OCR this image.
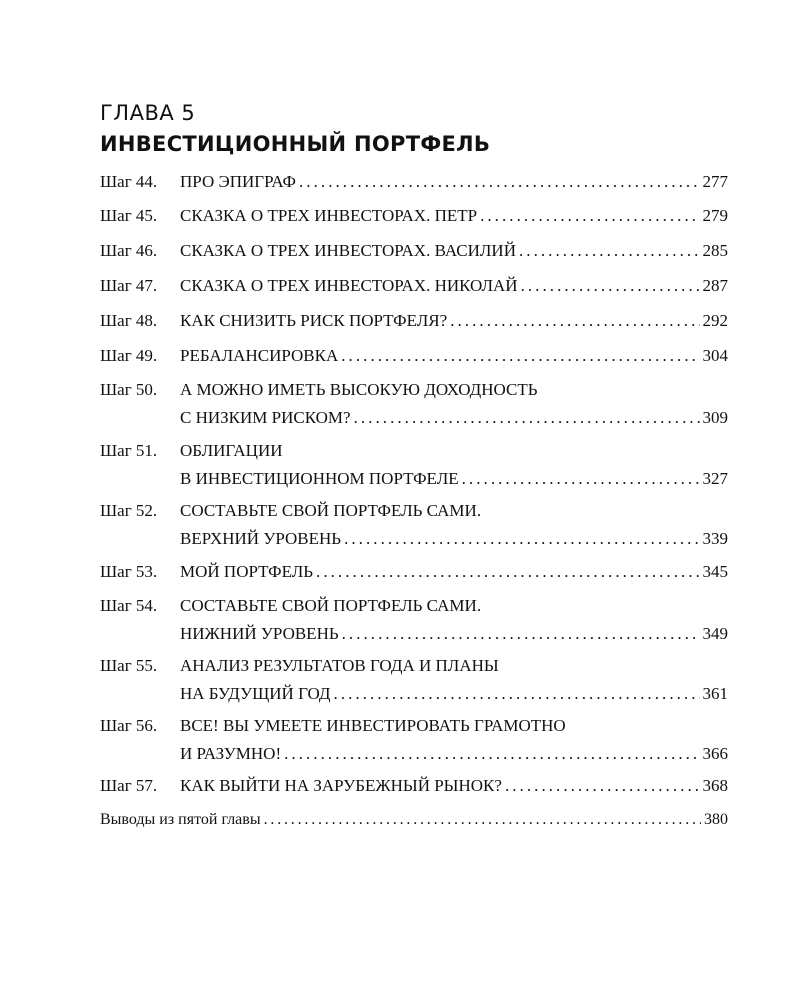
ГЛАВА 5
ИНВЕСТИЦИОННЫЙ ПОРТФЕЛЬ
Шаг 44. ПРО ЭПИГРАФ . . .	277
Шаг 45. СКАЗКА О ТРЕХ ИНВЕСТОРАХ. ПЕТР . . .	279
Шаг 46. СКАЗКА О ТРЕХ ИНВЕСТОРАХ. ВАСИЛИЙ . . .	285
Шаг 47. СКАЗКА О ТРЕХ ИНВЕСТОРАХ. НИКОЛАЙ . . .	287
Шаг 48. КАК СНИЗИТЬ РИСК ПОРТФЕЛЯ? . . .	292
Шаг 49. РЕБАЛАНСИРОВКА . . .	304
Шаг 50. А МОЖНО ИМЕТЬ ВЫСОКУЮ ДОХОДНОСТЬ
С НИЗКИМ РИСКОМ? . . .	309
Шаг 51. ОБЛИГАЦИИ
В ИНВЕСТИЦИОННОМ ПОРТФЕЛЕ . . .	327
Шаг 52. СОСТАВЬТЕ СВОЙ ПОРТФЕЛЬ САМИ.
ВЕРХНИЙ УРОВЕНЬ . . .	339
Шаг 53. МОЙ ПОРТФЕЛЬ . . .	345
Шаг 54. СОСТАВЬТЕ СВОЙ ПОРТФЕЛЬ САМИ.
НИЖНИЙ УРОВЕНЬ . . .	349
Шаг 55. АНАЛИЗ РЕЗУЛЬТАТОВ ГОДА И ПЛАНЫ
НА БУДУЩИЙ ГОД . . .	361
Шаг 56. ВСЕ! ВЫ УМЕЕТЕ ИНВЕСТИРОВАТЬ ГРАМОТНО
И РАЗУМНО! . . .	366
Шаг 57. КАК ВЫЙТИ НА ЗАРУБЕЖНЫЙ РЫНОК? . . .	368
Выводы из пятой главы . . .	380
